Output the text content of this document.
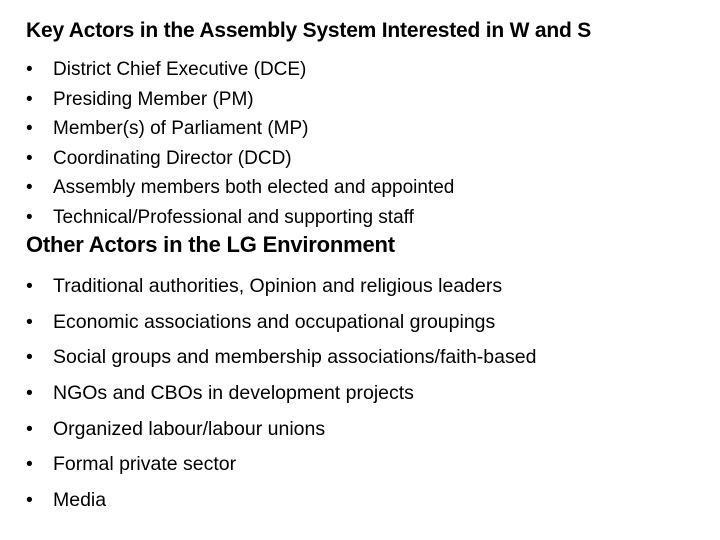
Key Actors in the Assembly System Interested in W and S
•	District Chief Executive (DCE)
•	Presiding Member (PM)
•	Member(s) of Parliament (MP)
•	Coordinating Director (DCD)
•	Assembly members both elected and appointed
•	Technical/Professional and supporting staff
Other Actors in the LG Environment
•	Traditional authorities, Opinion and religious leaders
•	Economic associations and occupational groupings
•	Social groups and membership associations/faith-based
•	NGOs and CBOs in development projects
•	Organized labour/labour unions
•	Formal private sector
•	Media
